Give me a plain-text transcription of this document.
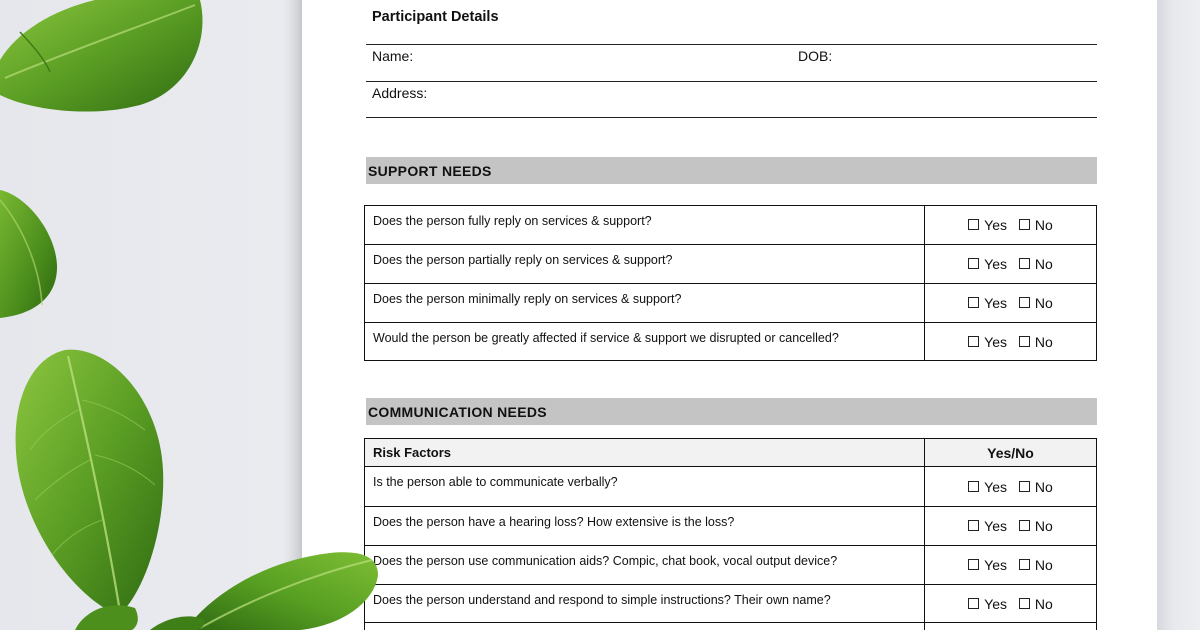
Participant Details
Name:	DOB:
Address:
SUPPORT NEEDS
Does the person fully reply on services & support?	Yes No
Does the person partially reply on services & support?	Yes No
Does the person minimally reply on services & support?	Yes No
Would the person be greatly affected if service & support we disrupted or cancelled?	Yes No
COMMUNICATION NEEDS
Risk Factors	Yes/No
Is the person able to communicate verbally?	Yes No
Does the person have a hearing loss? How extensive is the loss?	Yes No
Does the person use communication aids? Compic, chat book, vocal output device?	Yes No
Does the person understand and respond to simple instructions? Their own name?	Yes No
